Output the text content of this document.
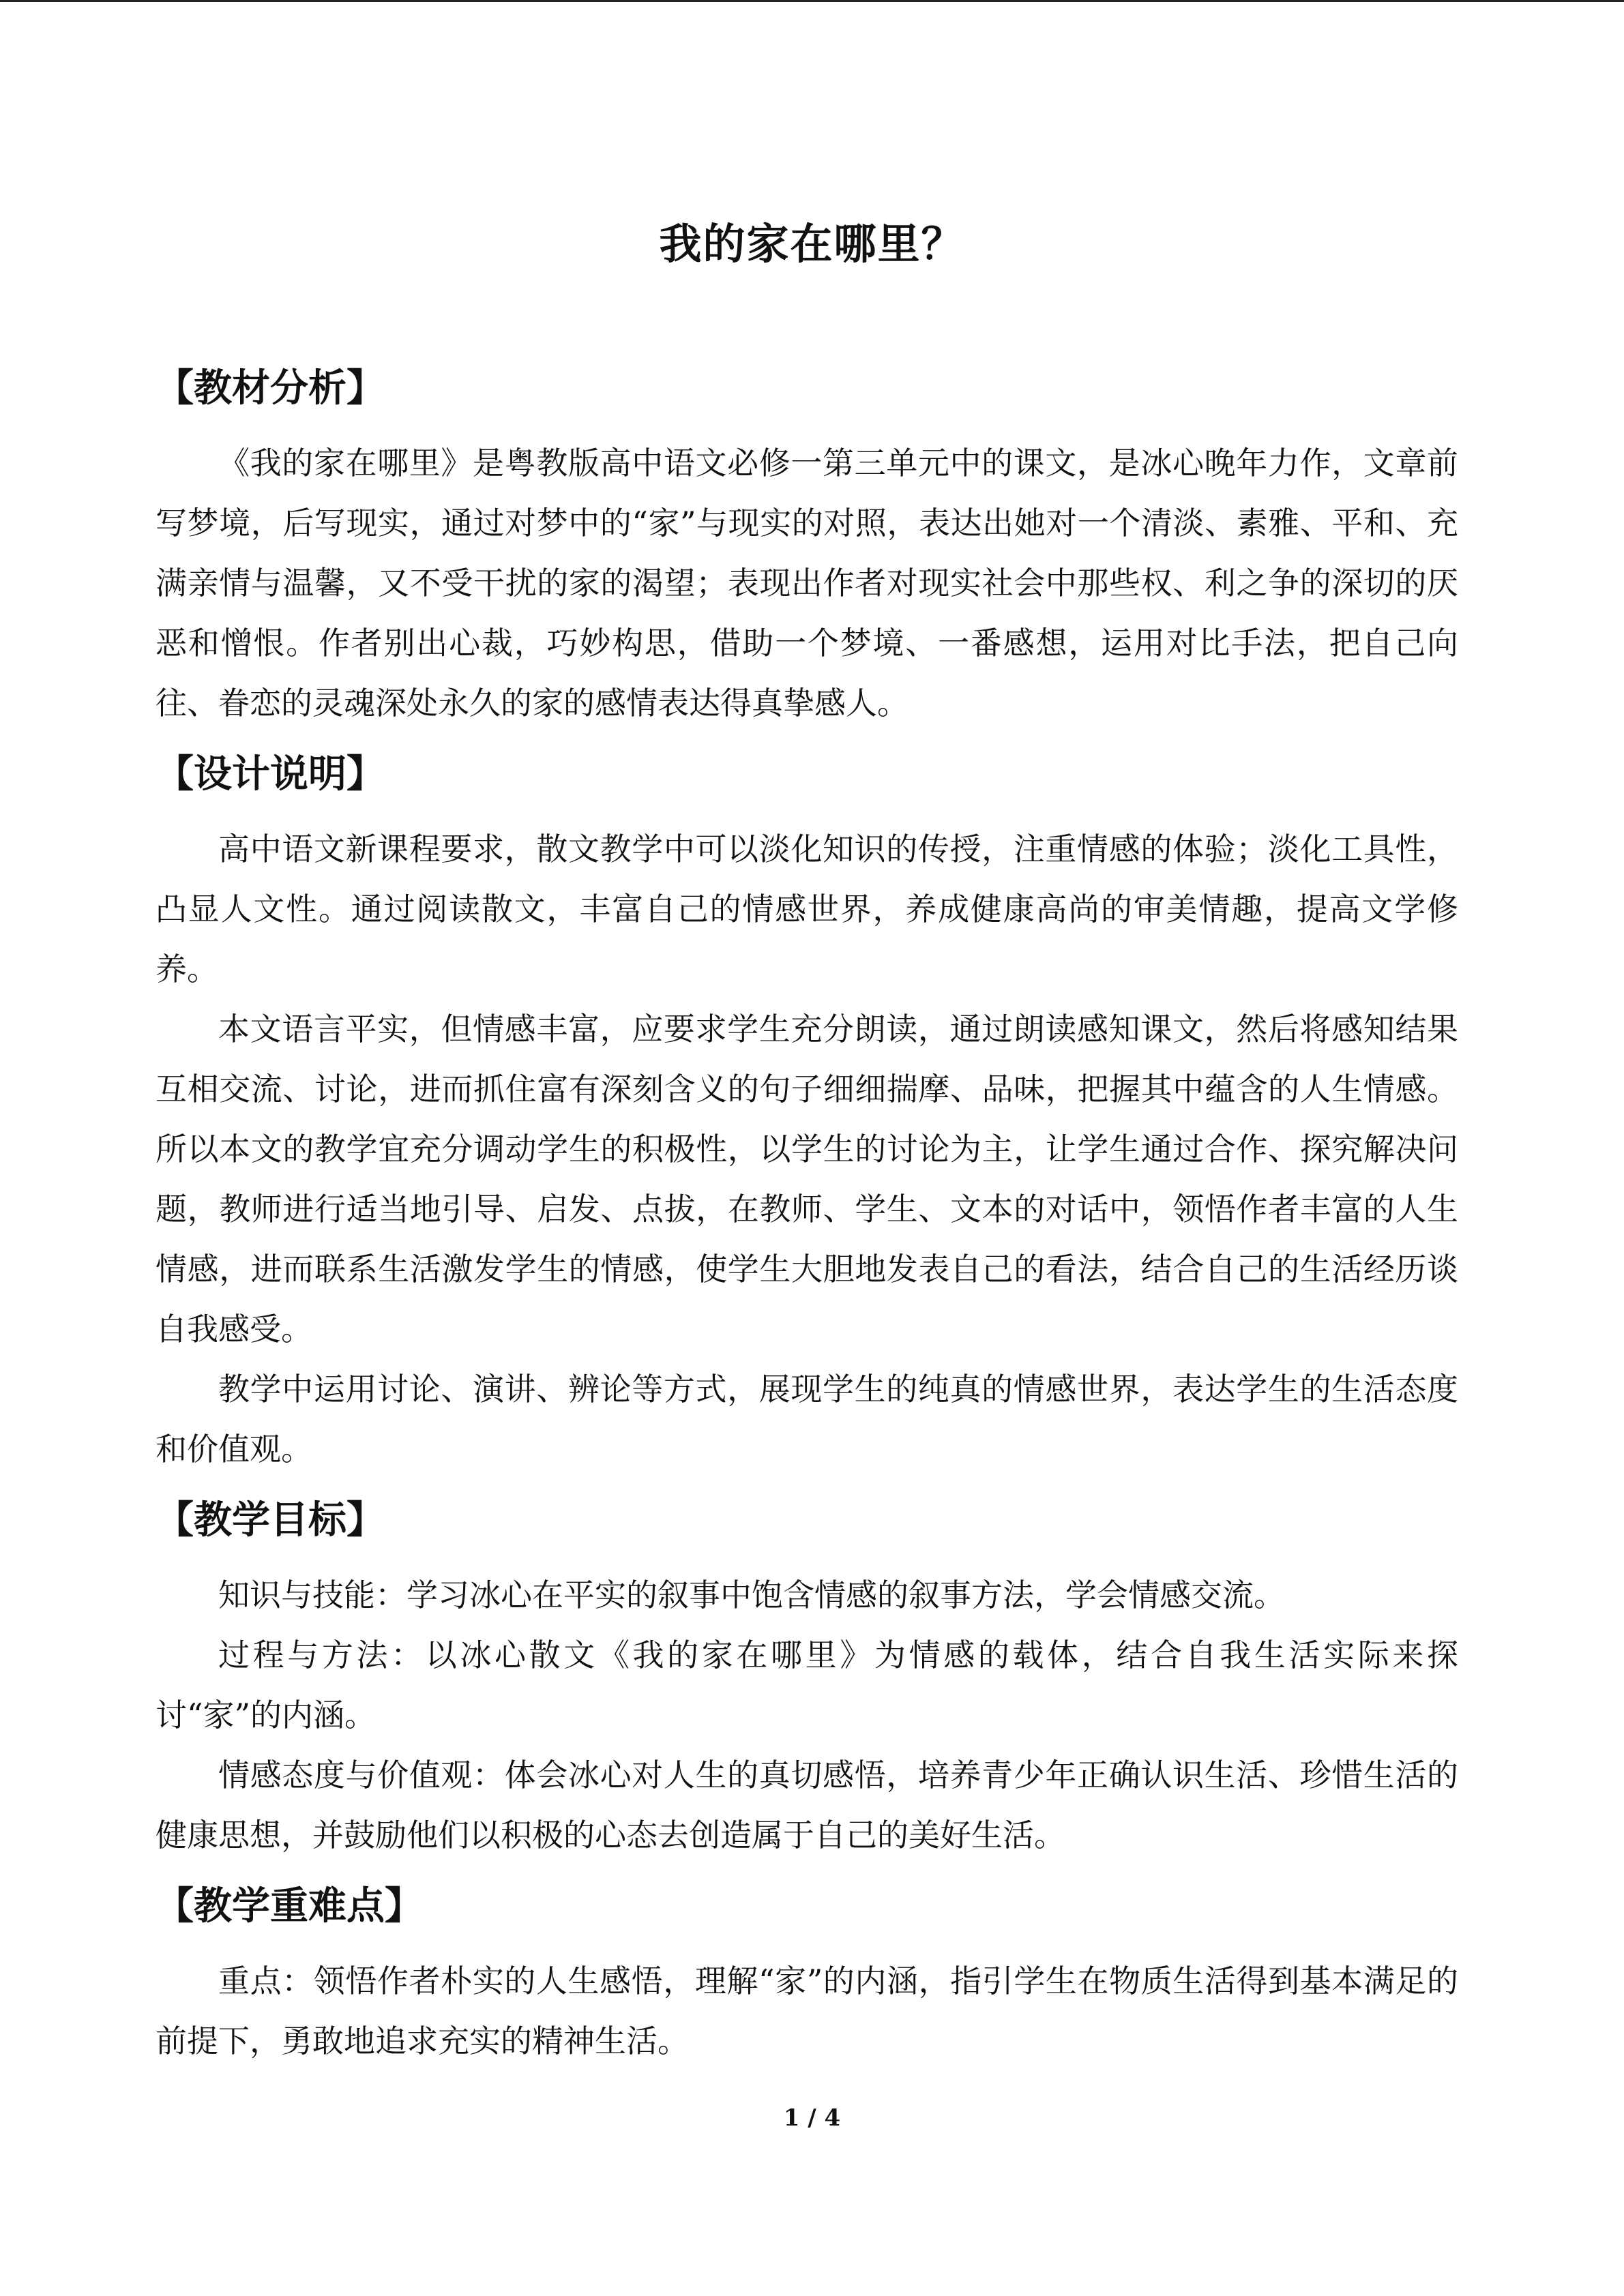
我的家在哪里？
【教材分析】

《我的家在哪里》是粤教版高中语文必修一第三单元中的课文，是冰心晚年力作，文章前写梦境，后写现实，通过对梦中的“家”与现实的对照，表达出她对一个清淡、素雅、平和、充满亲情与温馨，又不受干扰的家的渴望；表现出作者对现实社会中那些权、利之争的深切的厌恶和憎恨。作者别出心裁，巧妙构思，借助一个梦境、一番感想，运用对比手法，把自己向往、眷恋的灵魂深处永久的家的感情表达得真挚感人。

【设计说明】

高中语文新课程要求，散文教学中可以淡化知识的传授，注重情感的体验；淡化工具性，凸显人文性。通过阅读散文，丰富自己的情感世界，养成健康高尚的审美情趣，提高文学修养。

本文语言平实，但情感丰富，应要求学生充分朗读，通过朗读感知课文，然后将感知结果互相交流、讨论，进而抓住富有深刻含义的句子细细揣摩、品味，把握其中蕴含的人生情感。所以本文的教学宜充分调动学生的积极性，以学生的讨论为主，让学生通过合作、探究解决问题，教师进行适当地引导、启发、点拔，在教师、学生、文本的对话中，领悟作者丰富的人生情感，进而联系生活激发学生的情感，使学生大胆地发表自己的看法，结合自己的生活经历谈自我感受。

教学中运用讨论、演讲、辨论等方式，展现学生的纯真的情感世界，表达学生的生活态度和价值观。

【教学目标】

知识与技能：学习冰心在平实的叙事中饱含情感的叙事方法，学会情感交流。

过程与方法：以冰心散文《我的家在哪里》为情感的载体，结合自我生活实际来探讨“家”的内涵。

情感态度与价值观：体会冰心对人生的真切感悟，培养青少年正确认识生活、珍惜生活的健康思想，并鼓励他们以积极的心态去创造属于自己的美好生活。

【教学重难点】

重点：领悟作者朴实的人生感悟，理解“家”的内涵，指引学生在物质生活得到基本满足的前提下，勇敢地追求充实的精神生活。

1 / 4
